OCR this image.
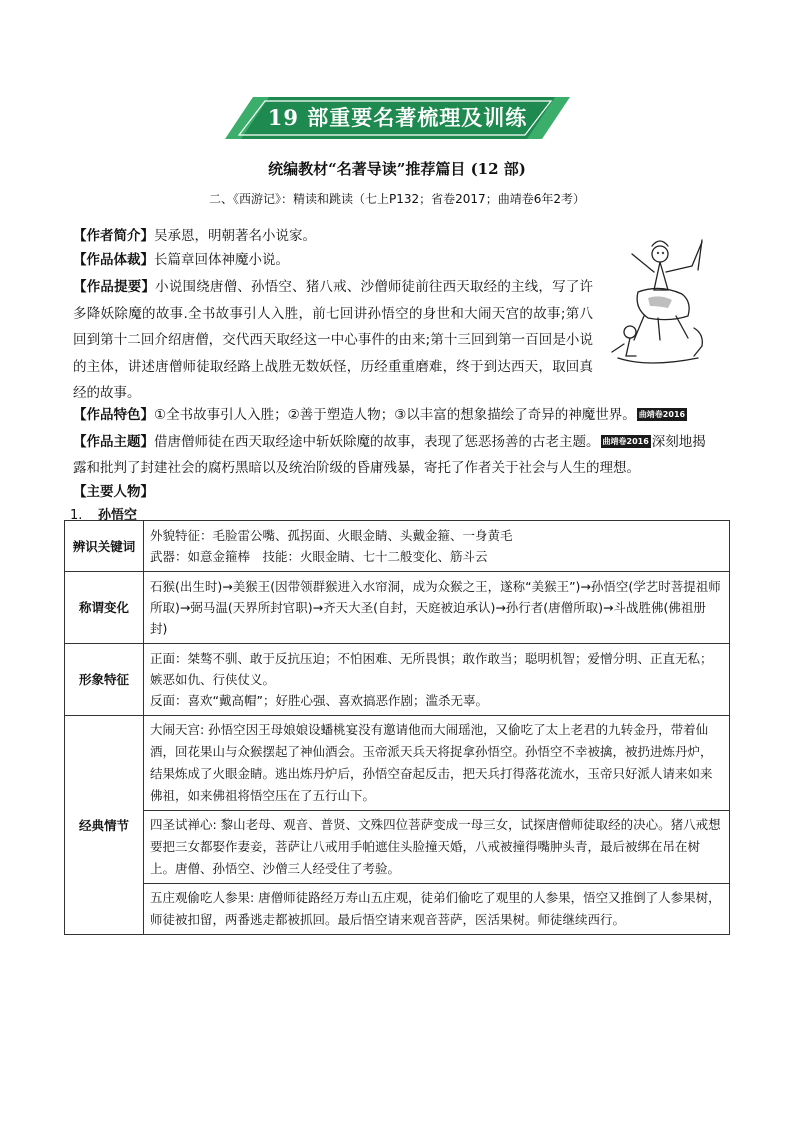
19 部重要名著梳理及训练
统编教材“名著导读”推荐篇目 (12 部)
二、《西游记》：精读和跳读（七上P132；省卷2017；曲靖卷6年2考）
【作者简介】吴承恩，明朝著名小说家。
【作品体裁】长篇章回体神魔小说。
【作品提要】小说围绕唐僧、孙悟空、猪八戒、沙僧师徒前往西天取经的主线，写了许多降妖除魔的故事.全书故事引人入胜，前七回讲孙悟空的身世和大闹天宫的故事;第八回到第十二回介绍唐僧，交代西天取经这一中心事件的由来;第十三回到第一百回是小说的主体，讲述唐僧师徒取经路上战胜无数妖怪，历经重重磨难，终于到达西天，取回真经的故事。
【作品特色】①全书故事引人入胜；②善于塑造人物；③以丰富的想象描绘了奇异的神魔世界。 曲靖卷2016
【作品主题】借唐僧师徒在西天取经途中斩妖除魔的故事，表现了惩恶扬善的古老主题。 曲靖卷2016 深刻地揭
露和批判了封建社会的腐朽黑暗以及统治阶级的昏庸残暴，寄托了作者关于社会与人生的理想。
【主要人物】
1. 孙悟空
辨识关键词	外貌特征：毛脸雷公嘴、孤拐面、火眼金睛、头戴金箍、一身黄毛
武器：如意金箍棒　技能：火眼金睛、七十二般变化、筋斗云

称谓变化	石猴(出生时)→美猴王(因带领群猴进入水帘洞，成为众猴之王，遂称“美猴王”)→孙悟空(学艺时菩提祖师所取)→弼马温(天界所封官职)→齐天大圣(自封，天庭被迫承认)→孙行者(唐僧所取)→斗战胜佛(佛祖册封)

形象特征	正面：桀骜不驯、敢于反抗压迫；不怕困难、无所畏惧；敢作敢当；聪明机智；爱憎分明、正直无私；嫉恶如仇、行侠仗义。
反面：喜欢“戴高帽”；好胜心强、喜欢搞恶作剧；滥杀无辜。

经典情节	大闹天宫: 孙悟空因王母娘娘设蟠桃宴没有邀请他而大闹瑶池，又偷吃了太上老君的九转金丹，带着仙酒，回花果山与众猴摆起了神仙酒会。玉帝派天兵天将捉拿孙悟空。孙悟空不幸被擒，被扔进炼丹炉，结果炼成了火眼金睛。逃出炼丹炉后，孙悟空奋起反击，把天兵打得落花流水，玉帝只好派人请来如来佛祖，如来佛祖将悟空压在了五行山下。
	四圣试禅心: 黎山老母、观音、普贤、文殊四位菩萨变成一母三女，试探唐僧师徒取经的决心。猪八戒想要把三女都娶作妻妾，菩萨让八戒用手帕遮住头脸撞天婚，八戒被撞得嘴肿头青，最后被绑在吊在树上。唐僧、孙悟空、沙僧三人经受住了考验。
	五庄观偷吃人参果: 唐僧师徒路经万寿山五庄观，徒弟们偷吃了观里的人参果，悟空又推倒了人参果树，师徒被扣留，两番逃走都被抓回。最后悟空请来观音菩萨，医活果树。师徒继续西行。
